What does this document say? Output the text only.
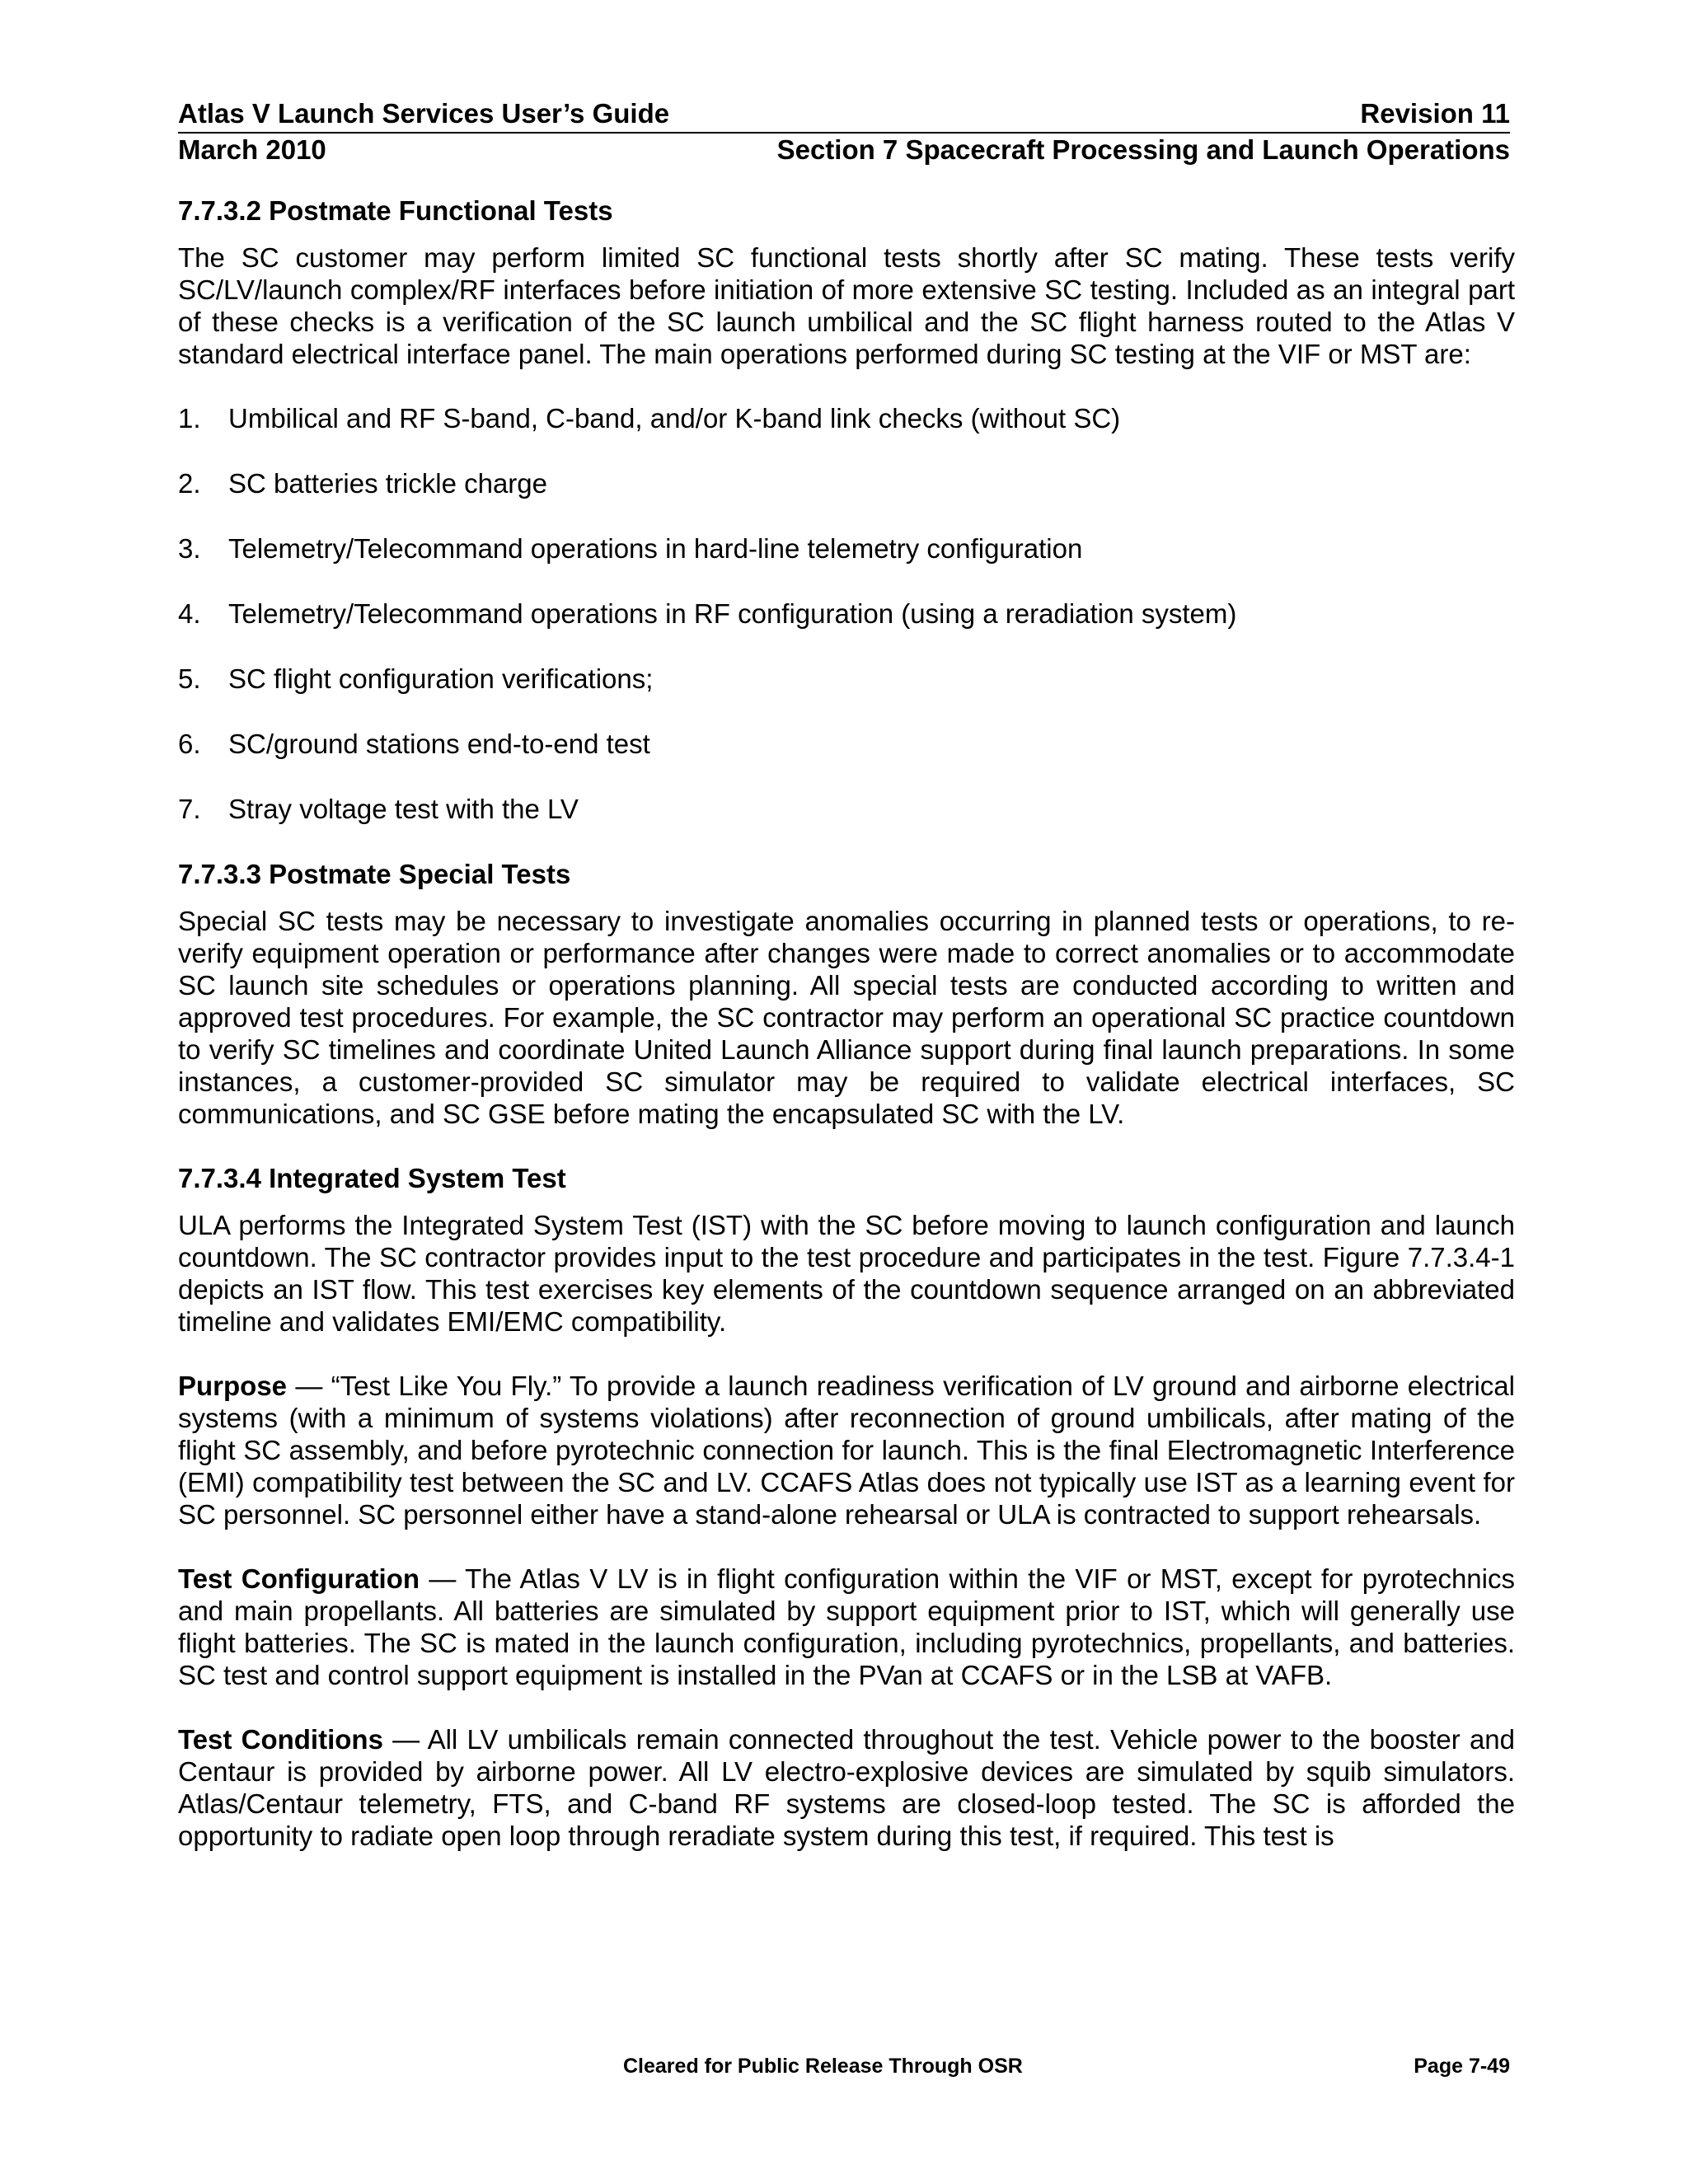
Atlas V Launch Services User’s Guide	Revision 11
March 2010	Section 7 Spacecraft Processing and Launch Operations
7.7.3.2 Postmate Functional Tests

The SC customer may perform limited SC functional tests shortly after SC mating. These tests verify SC/LV/launch complex/RF interfaces before initiation of more extensive SC testing. Included as an integral part of these checks is a verification of the SC launch umbilical and the SC flight harness routed to the Atlas V standard electrical interface panel. The main operations performed during SC testing at the VIF or MST are:

1.	Umbilical and RF S-band, C-band, and/or K-band link checks (without SC)
2.	SC batteries trickle charge
3.	Telemetry/Telecommand operations in hard-line telemetry configuration
4.	Telemetry/Telecommand operations in RF configuration (using a reradiation system)
5.	SC flight configuration verifications;
6.	SC/ground stations end-to-end test
7.	Stray voltage test with the LV
7.7.3.3 Postmate Special Tests

Special SC tests may be necessary to investigate anomalies occurring in planned tests or operations, to re-verify equipment operation or performance after changes were made to correct anomalies or to accommodate SC launch site schedules or operations planning. All special tests are conducted according to written and approved test procedures. For example, the SC contractor may perform an operational SC practice countdown to verify SC timelines and coordinate United Launch Alliance support during final launch preparations. In some instances, a customer-provided SC simulator may be required to validate electrical interfaces, SC communications, and SC GSE before mating the encapsulated SC with the LV.

7.7.3.4 Integrated System Test

ULA performs the Integrated System Test (IST) with the SC before moving to launch configuration and launch countdown. The SC contractor provides input to the test procedure and participates in the test. Figure 7.7.3.4-1 depicts an IST flow. This test exercises key elements of the countdown sequence arranged on an abbreviated timeline and validates EMI/EMC compatibility.

Purpose — “Test Like You Fly.” To provide a launch readiness verification of LV ground and airborne electrical systems (with a minimum of systems violations) after reconnection of ground umbilicals, after mating of the flight SC assembly, and before pyrotechnic connection for launch. This is the final Electromagnetic Interference (EMI) compatibility test between the SC and LV. CCAFS Atlas does not typically use IST as a learning event for SC personnel. SC personnel either have a stand-alone rehearsal or ULA is contracted to support rehearsals.

Test Configuration — The Atlas V LV is in flight configuration within the VIF or MST, except for pyrotechnics and main propellants. All batteries are simulated by support equipment prior to IST, which will generally use flight batteries. The SC is mated in the launch configuration, including pyrotechnics, propellants, and batteries. SC test and control support equipment is installed in the PVan at CCAFS or in the LSB at VAFB.

Test Conditions — All LV umbilicals remain connected throughout the test. Vehicle power to the booster and Centaur is provided by airborne power. All LV electro-explosive devices are simulated by squib simulators. Atlas/Centaur telemetry, FTS, and C-band RF systems are closed-loop tested. The SC is afforded the opportunity to radiate open loop through reradiate system during this test, if required. This test is

Cleared for Public Release Through OSR	Page 7-49
